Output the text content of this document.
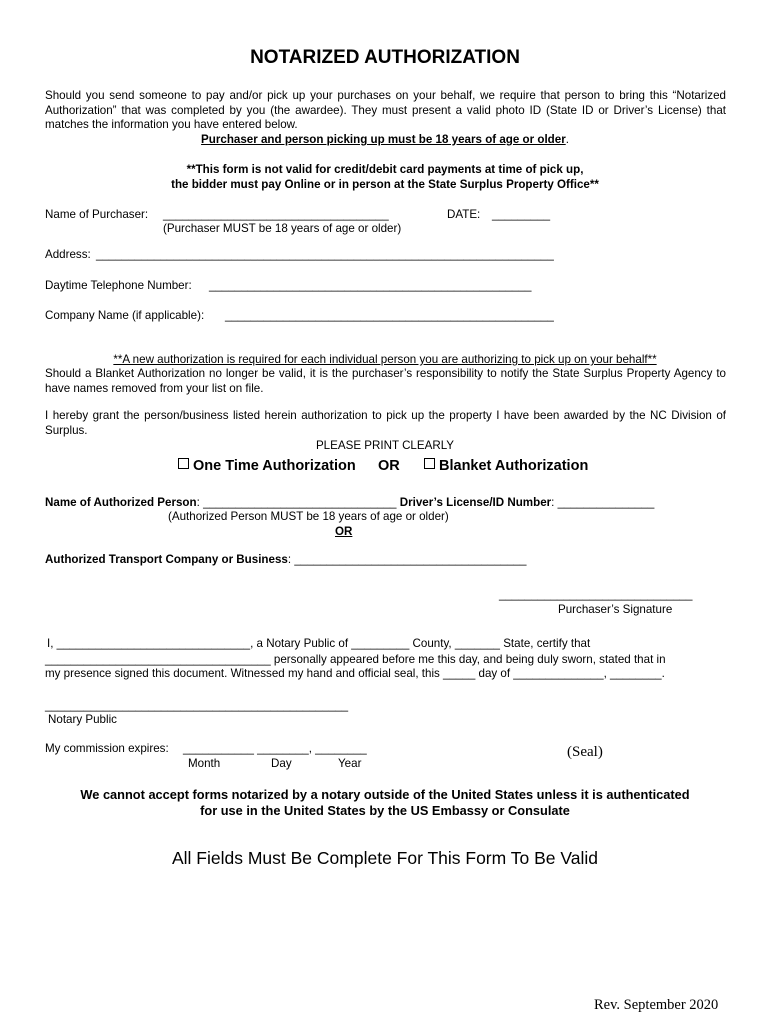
NOTARIZED AUTHORIZATION
Should you send someone to pay and/or pick up your purchases on your behalf, we require that person to bring this “Notarized Authorization” that was completed by you (the awardee). They must present a valid photo ID (State ID or Driver’s License) that matches the information you have entered below.
Purchaser and person picking up must be 18 years of age or older.
**This form is not valid for credit/debit card payments at time of pick up,
the bidder must pay Online or in person at the State Surplus Property Office**
Name of Purchaser: ___________________________________	DATE: _________
(Purchaser MUST be 18 years of age or older)
Address: _______________________________________________________________________
Daytime Telephone Number: __________________________________________________
Company Name (if applicable): ___________________________________________________
**A new authorization is required for each individual person you are authorizing to pick up on your behalf**
Should a Blanket Authorization no longer be valid, it is the purchaser’s responsibility to notify the State Surplus Property Agency to have names removed from your list on file.
I hereby grant the person/business listed herein authorization to pick up the property I have been awarded by the NC Division of Surplus.
PLEASE PRINT CLEARLY
One Time Authorization OR	Blanket Authorization
Name of Authorized Person: ______________________________ Driver’s License/ID Number: _______________
(Authorized Person MUST be 18 years of age or older)
OR
Authorized Transport Company or Business: ____________________________________
______________________________
Purchaser’s Signature
I, ______________________________, a Notary Public of _________ County, _______ State, certify that
___________________________________ personally appeared before me this day, and being duly sworn, stated that in
my presence signed this document. Witnessed my hand and official seal, this _____ day of ______________, ________.
_______________________________________________
Notary Public
My commission expires: ___________ ________, ________
Month	Day	Year
(Seal)
We cannot accept forms notarized by a notary outside of the United States unless it is authenticated
for use in the United States by the US Embassy or Consulate
All Fields Must Be Complete For This Form To Be Valid
Rev. September 2020
